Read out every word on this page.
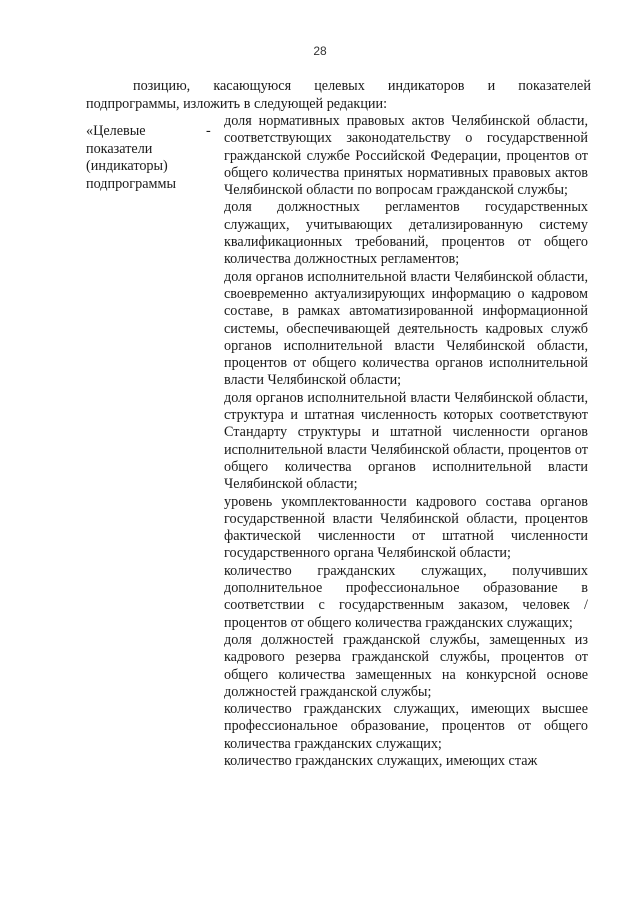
28
позицию, касающуюся целевых индикаторов и показателей
подпрограммы, изложить в следующей редакции:
«Целевые показатели (индикаторы) подпрограммы
-

доля нормативных правовых актов Челябинской области, соответствующих законодательству о государственной гражданской службе Российской Федерации, процентов от общего количества принятых нормативных правовых актов Челябинской области по вопросам гражданской службы;

доля должностных регламентов государственных служащих, учитывающих детализированную систему квалификационных требований, процентов от общего количества должностных регламентов;

доля органов исполнительной власти Челябинской области, своевременно актуализирующих информацию о кадровом составе, в рамках автоматизированной информационной системы, обеспечивающей деятельность кадровых служб органов исполнительной власти Челябинской области, процентов от общего количества органов исполнительной власти Челябинской области;

доля органов исполнительной власти Челябинской области, структура и штатная численность которых соответствуют Стандарту структуры и штатной численности органов исполнительной власти Челябинской области, процентов от общего количества органов исполнительной власти Челябинской области;

уровень укомплектованности кадрового состава органов государственной власти Челябинской области, процентов фактической численности от штатной численности государственного органа Челябинской области;

количество гражданских служащих, получивших дополнительное профессиональное образование в соответствии с государственным заказом, человек / процентов от общего количества гражданских служащих;

доля должностей гражданской службы, замещенных из кадрового резерва гражданской службы, процентов от общего количества замещенных на конкурсной основе должностей гражданской службы;

количество гражданских служащих, имеющих высшее профессиональное образование, процентов от общего количества гражданских служащих;

количество гражданских служащих, имеющих стаж
